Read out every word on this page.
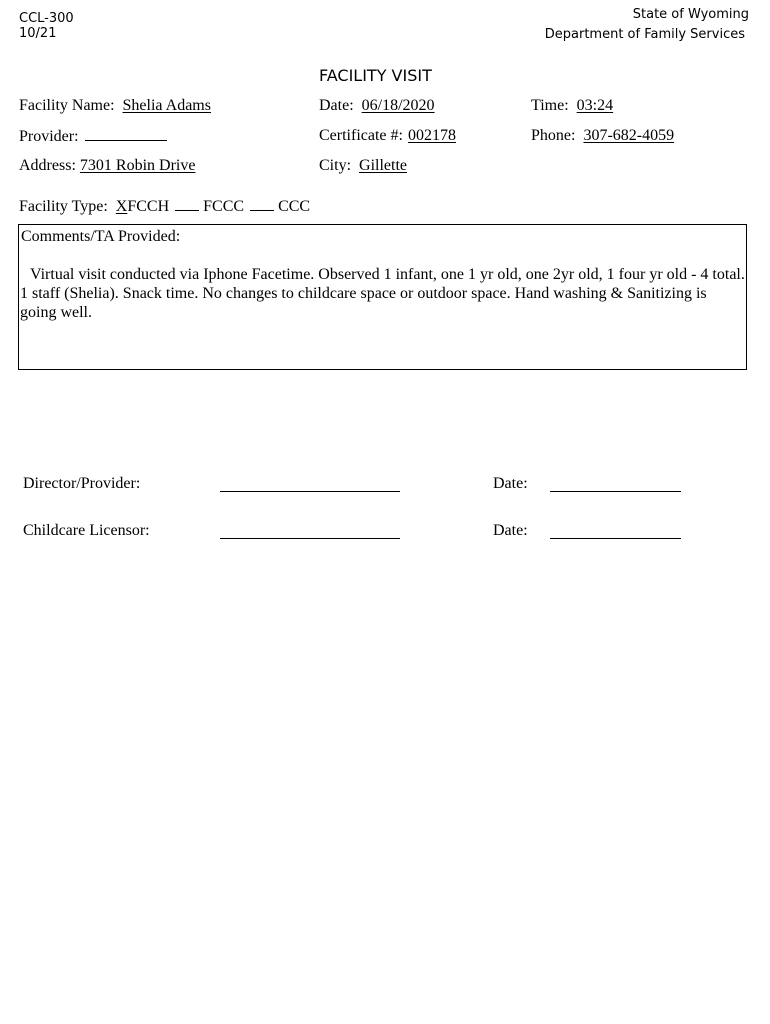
CCL-300
10/21
State of Wyoming
Department of Family Services
FACILITY VISIT
Facility Name: Shelia Adams	Date: 06/18/2020	Time: 03:24
Provider:	Certificate #: 002178	Phone: 307-682-4059
Address: 7301 Robin Drive	City: Gillette
Facility Type: XFCCH FCCC CCC
Comments/TA Provided:
Virtual visit conducted via Iphone Facetime. Observed 1 infant, one 1 yr old, one 2yr old, 1 four yr old - 4 total. 1 staff (Shelia). Snack time. No changes to childcare space or outdoor space. Hand washing & Sanitizing is going well.
Director/Provider:	Date:
Childcare Licensor:	Date:
